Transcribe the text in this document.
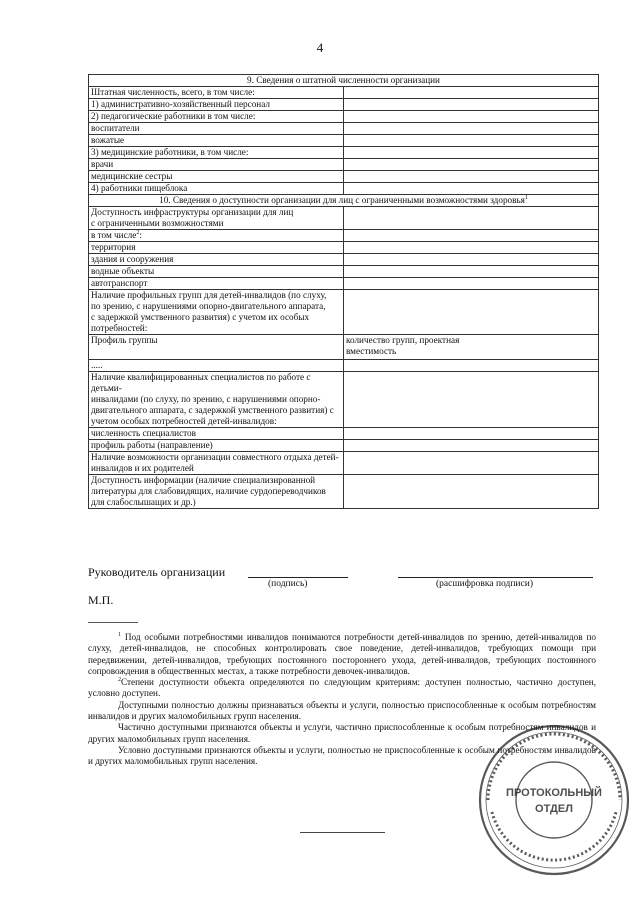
4
9. Сведения о штатной численности организации	
Штатная численность, всего, в том числе:	
1) административно-хозяйственный персонал	
2) педагогические работники в том числе:	
воспитатели	
вожатые	
3) медицинские работники, в том числе:	
врачи	
медицинские сестры	
4) работники пищеблока	
10. Сведения о доступности организации для лиц с ограниченными возможностями здоровья$^1$
Доступность инфраструктуры организации для лиц
с ограниченными возможностями	
в том числе$^2$:	
территория	
здания и сооружения	
водные объекты	
автотранспорт	
Наличие профильных групп для детей-инвалидов (по слуху,
по зрению, с нарушениями опорно-двигательного аппарата,
с задержкой умственного развития) с учетом их особых
потребностей:	
Профиль группы	количество групп, проектная
вместимость
.....	
Наличие квалифицированных специалистов по работе с детьми-
инвалидами (по слуху, по зрению, с нарушениями опорно-
двигательного аппарата, с задержкой умственного развития) с
учетом особых потребностей детей-инвалидов:	
численность специалистов	
профиль работы (направление)	
Наличие возможности организации совместного отдыха детей-
инвалидов и их родителей	
Доступность информации (наличие специализированной
литературы для слабовидящих, наличие сурдопереводчиков
для слабослышащих и др.)	
Руководитель организации
(подпись)	(расшифровка подписи)
М.П.

$^1$ Под особыми потребностями инвалидов понимаются потребности детей-инвалидов по зрению, детей-инвалидов по слуху, детей-инвалидов, не способных контролировать свое поведение, детей-инвалидов, требующих помощи при передвижении, детей-инвалидов, требующих постоянного постороннего ухода, детей-инвалидов, требующих постоянного сопровождения в общественных местах, а также потребности девочек-инвалидов.

$^2$Степени доступности объекта определяются по следующим критериям: доступен полностью, частично доступен, условно доступен.

Доступными полностью должны признаваться объекты и услуги, полностью приспособленные к особым потребностям инвалидов и других маломобильных групп населения.

Частично доступными признаются объекты и услуги, частично приспособленные к особым потребностям инвалидов и других маломобильных групп населения.

Условно доступными признаются объекты и услуги, полностью не приспособленные к особым потребностям инвалидов и других маломобильных групп населения.

ПРОТОКОЛЬНЫЙ
ОТДЕЛ
